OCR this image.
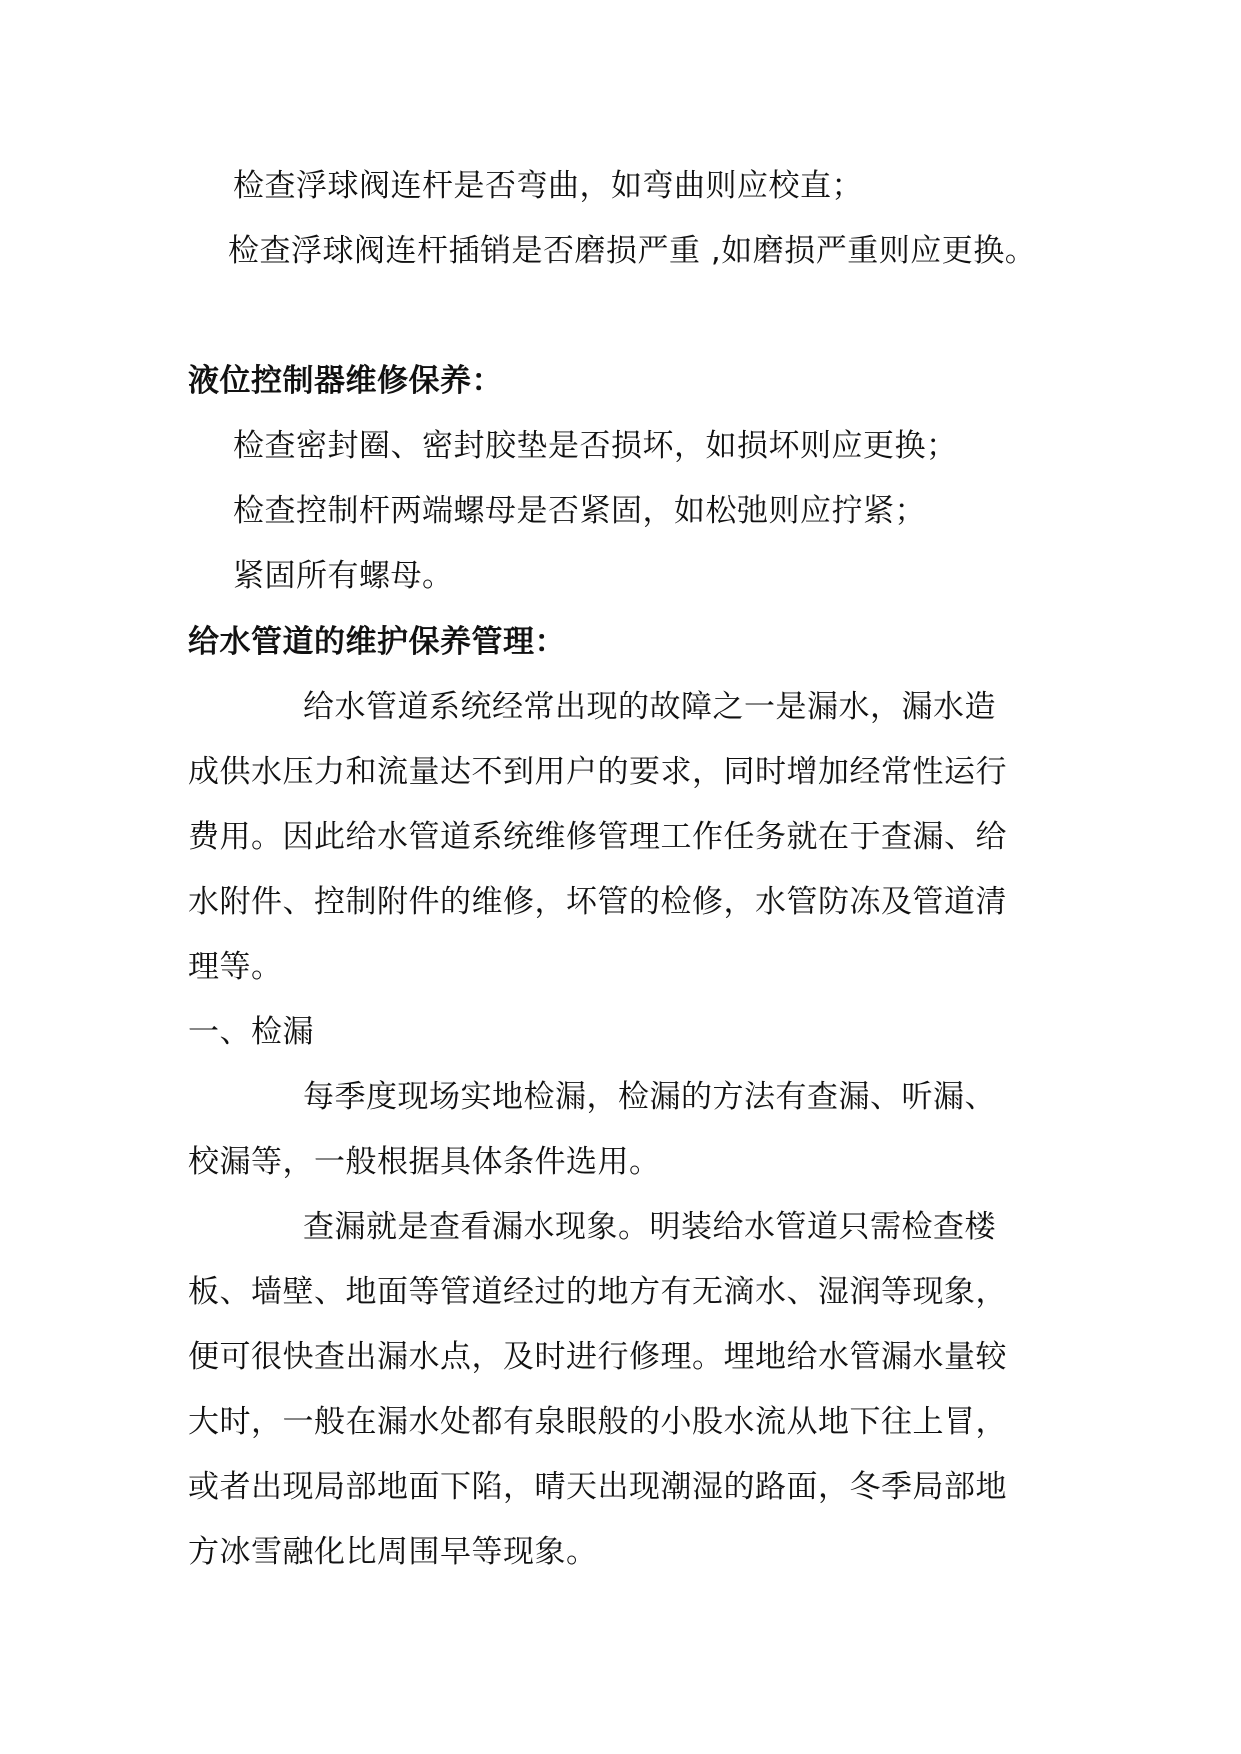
检查浮球阀连杆是否弯曲，如弯曲则应校直；
检查浮球阀连杆插销是否磨损严重 ,如磨损严重则应更换。
液位控制器维修保养：
检查密封圈、密封胶垫是否损坏，如损坏则应更换；
检查控制杆两端螺母是否紧固，如松弛则应拧紧；
紧固所有螺母。
给水管道的维护保养管理：
给水管道系统经常出现的故障之一是漏水，漏水造
成供水压力和流量达不到用户的要求，同时增加经常性运行
费用。因此给水管道系统维修管理工作任务就在于查漏、给
水附件、控制附件的维修，坏管的检修，水管防冻及管道清
理等。
一、检漏
每季度现场实地检漏，检漏的方法有查漏、听漏、
校漏等，一般根据具体条件选用。
查漏就是查看漏水现象。明装给水管道只需检查楼
板、墙壁、地面等管道经过的地方有无滴水、湿润等现象，
便可很快查出漏水点，及时进行修理。埋地给水管漏水量较
大时，一般在漏水处都有泉眼般的小股水流从地下往上冒，
或者出现局部地面下陷，晴天出现潮湿的路面，冬季局部地
方冰雪融化比周围早等现象。
